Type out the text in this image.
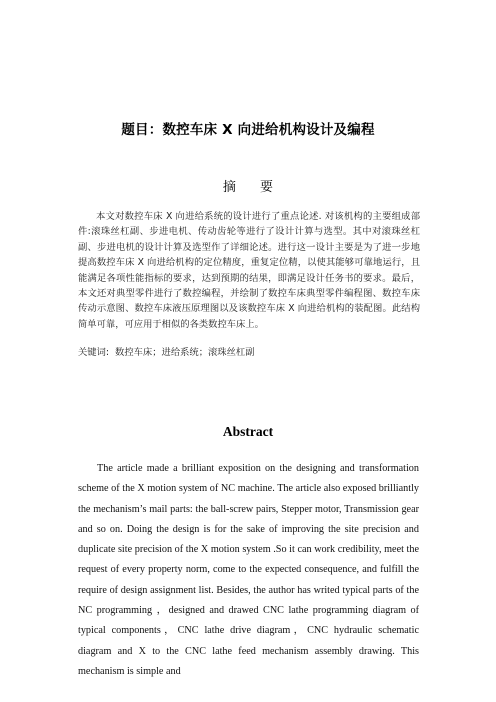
题目：数控车床 X 向进给机构设计及编程
摘 要
本文对数控车床 X 向进给系统的设计进行了重点论述. 对该机构的主要组成部件:滚珠丝杠副、步进电机、传动齿轮等进行了设计计算与选型。其中对滚珠丝杠副、步进电机的设计计算及选型作了详细论述。进行这一设计主要是为了进一步地提高数控车床 X 向进给机构的定位精度，重复定位精，以使其能够可靠地运行，且能满足各项性能指标的要求，达到预期的结果，即满足设计任务书的要求。最后，本文还对典型零件进行了数控编程，并绘制了数控车床典型零件编程图、数控车床传动示意图、数控车床液压原理图以及该数控车床 X 向进给机构的装配图。此结构简单可靠，可应用于相似的各类数控车床上。
关键词: 数控车床；进给系统；滚珠丝杠副
Abstract
The article made a brilliant exposition on the designing and transformation scheme of the X motion system of NC machine. The article also exposed brilliantly the mechanism’s mail parts: the ball-screw pairs, Stepper motor, Transmission gear and so on. Doing the design is for the sake of improving the site precision and duplicate site precision of the X motion system .So it can work credibility, meet the request of every property norm, come to the expected consequence, and fulfill the require of design assignment list. Besides, the author has writed typical parts of the NC programming ，designed and drawed CNC lathe programming diagram of typical components，CNC lathe drive diagram，CNC hydraulic schematic diagram and X to the CNC lathe feed mechanism assembly drawing. This mechanism is simple and
